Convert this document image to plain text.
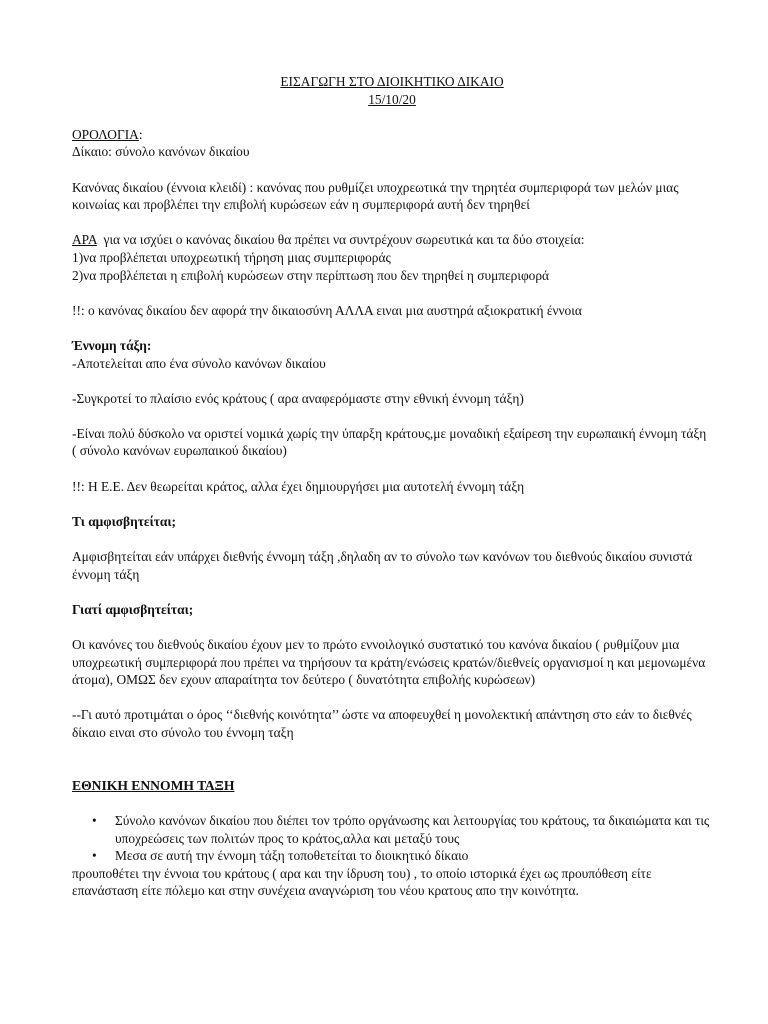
ΕΙΣΑΓΩΓΗ ΣΤΟ ΔΙΟΙΚΗΤΙΚΟ ΔΙΚΑΙΟ

15/10/20

ΟΡΟΛΟΓΙΑ:

Δίκαιο: σύνολο κανόνων δικαίου

Κανόνας δικαίου (έννοια κλειδί) : κανόνας που ρυθμίζει υποχρεωτικά την τηρητέα συμπεριφορά των μελών μιας κοινωίας και προβλέπει την επιβολή κυρώσεων εάν η συμπεριφορά αυτή δεν τηρηθεί

ΑΡΑ  για να ισχύει ο κανόνας δικαίου θα πρέπει να συντρέχουν σωρευτικά και τα δύο στοιχεία:

1)να προβλέπεται υποχρεωτική τήρηση μιας συμπεριφοράς

2)να προβλέπεται η επιβολή κυρώσεων στην περίπτωση που δεν τηρηθεί η συμπεριφορά

!!: ο κανόνας δικαίου δεν αφορά την δικαιοσύνη ΑΛΛΑ ειναι μια αυστηρά αξιοκρατική έννοια

Έννομη τάξη:

-Αποτελείται απο ένα σύνολο κανόνων δικαίου

-Συγκροτεί το πλαίσιο ενός κράτους ( αρα αναφερόμαστε στην εθνική έννομη τάξη)

-Είναι πολύ δύσκολο να οριστεί νομικά χωρίς την ύπαρξη κράτους,με μοναδική εξαίρεση την ευρωπαική έννομη τάξη ( σύνολο κανόνων ευρωπαικού δικαίου)

!!: Η Ε.Ε. Δεν θεωρείται κράτος, αλλα έχει δημιουργήσει μια αυτοτελή έννομη τάξη

Τι αμφισβητείται;

Αμφισβητείται εάν υπάρχει διεθνής έννομη τάξη ,δηλαδη αν το σύνολο των κανόνων του διεθνούς δικαίου συνιστά έννομη τάξη

Γιατί αμφισβητείται;

Οι κανόνες του διεθνούς δικαίου έχουν μεν το πρώτο εννοιλογικό συστατικό του κανόνα δικαίου ( ρυθμίζουν μια υποχρεωτική συμπεριφορά που πρέπει να τηρήσουν τα κράτη/ενώσεις κρατών/διεθνείς οργανισμοί η και μεμονωμένα άτομα), ΟΜΩΣ δεν εχουν απαραίτητα τον δεύτερο ( δυνατότητα επιβολής κυρώσεων)

--Γι αυτό προτιμάται ο όρος ‘‘διεθνής κοινότητα’’ ώστε να αποφευχθεί η μονολεκτική απάντηση στο εάν το διεθνές δίκαιο ειναι στο σύνολο του έννομη ταξη

ΕΘΝΙΚΗ ΕΝΝΟΜΗ ΤΑΞΗ

• Σύνολο κανόνων δικαίου που διέπει τον τρόπο οργάνωσης και λειτουργίας του κράτους, τα δικαιώματα και τις υποχρεώσεις των πολιτών προς το κράτος,αλλα και μεταξύ τους
• Μεσα σε αυτή την έννομη τάξη τοποθετείται το διοικητικό δίκαιο

προυποθέτει την έννοια του κράτους ( αρα και την ίδρυση του) , το οποίο ιστορικά έχει ως προυπόθεση είτε επανάσταση είτε πόλεμο και στην συνέχεια αναγνώριση του νέου κρατους απο την κοινότητα.
